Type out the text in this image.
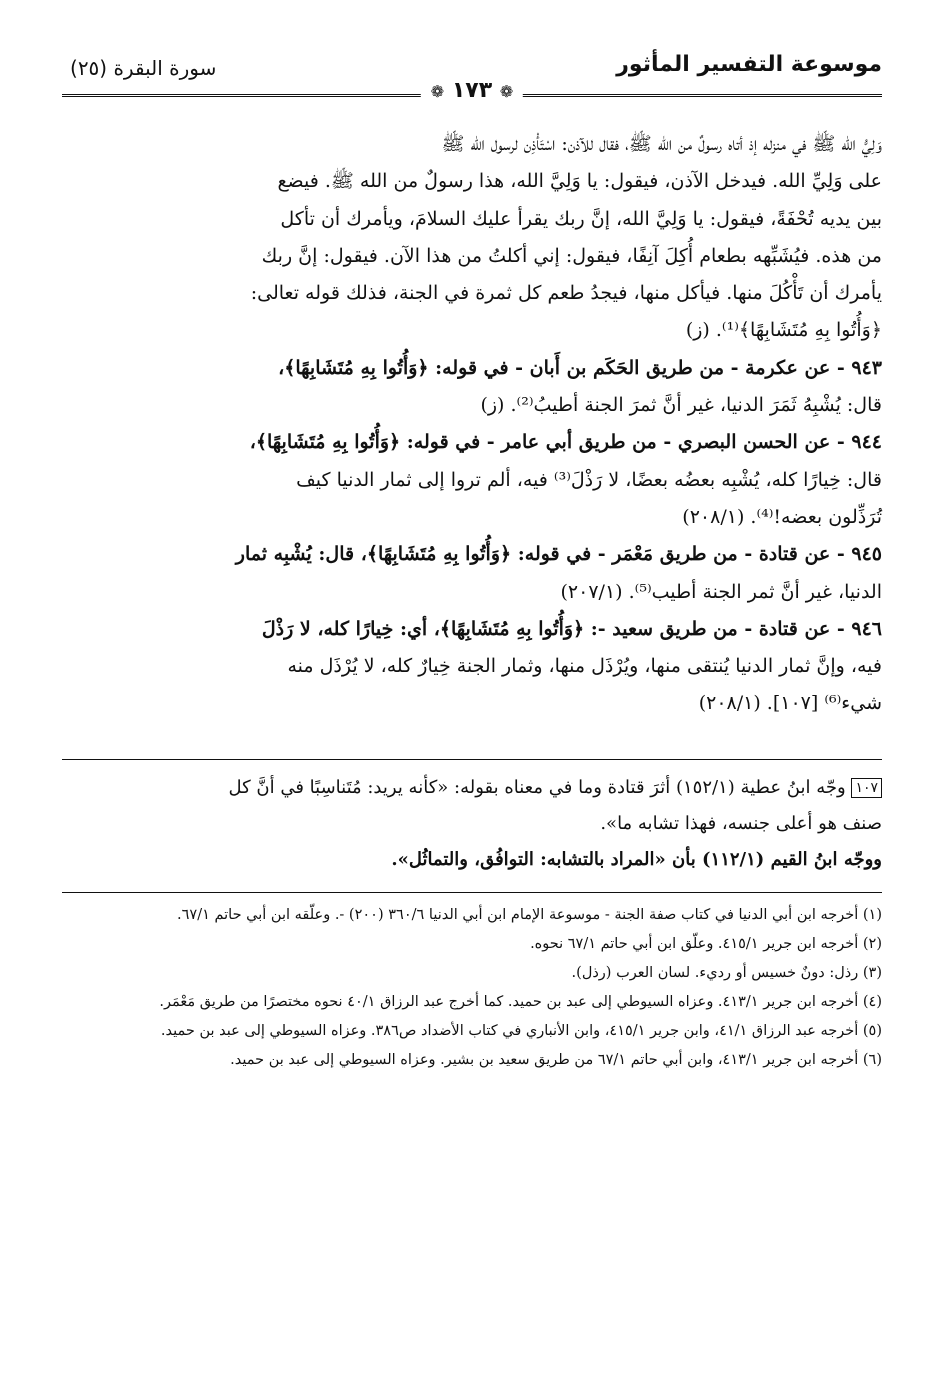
سورة البقرة (٢٥)	موسوعة التفسير المأثور
❁ ١٧٣ ❁

وَلِيُّ الله ﷺ في منزله إذ أتاه رسولٌ من الله ﷺ، فقال للآذن: اسْتَأْذِن لرسول الله ﷺ

على وَلِيِّ الله. فيدخل الآذن، فيقول: يا وَلِيَّ الله، هذا رسولٌ من الله ﷺ. فيضع

بين يديه تُحْفَةً، فيقول: يا وَلِيَّ الله، إنَّ ربك يقرأ عليك السلامَ، ويأمرك أن تأكل

من هذه. فيُشَبِّهه بطعام أُكِلَ آنِفًا، فيقول: إني أكلتُ من هذا الآن. فيقول: إنَّ ربك

يأمرك أن تَأْكُلَ منها. فيأكل منها، فيجدُ طعم كل ثمرة في الجنة، فذلك قوله تعالى:

﴿وَأُتُوا بِهِ مُتَشَابِهًا﴾⁽¹⁾. (ز)

٩٤٣ - عن عكرمة - من طريق الحَكَم بن أَبان - في قوله: ﴿وَأُتُوا بِهِ مُتَشَابِهًا﴾،

قال: يُشْبِهُ ثَمَرَ الدنيا، غير أنَّ ثمرَ الجنة أطيبُ⁽²⁾. (ز)

٩٤٤ - عن الحسن البصري - من طريق أبي عامر - في قوله: ﴿وَأُتُوا بِهِ مُتَشَابِهًا﴾،

قال: خِيارًا كله، يُشْبِه بعضُه بعضًا، لا رَذْلَ⁽³⁾ فيه، ألم تروا إلى ثمار الدنيا كيف

تُرَذِّلون بعضه!⁽⁴⁾. (٢٠٨/١)

٩٤٥ - عن قتادة - من طريق مَعْمَر - في قوله: ﴿وَأُتُوا بِهِ مُتَشَابِهًا﴾، قال: يُشْبِه ثمار

الدنيا، غير أنَّ ثمر الجنة أطيب⁽⁵⁾. (٢٠٧/١)

٩٤٦ - عن قتادة - من طريق سعيد -: ﴿وَأُتُوا بِهِ مُتَشَابِهًا﴾، أي: خِيارًا كله، لا رَذْلَ

فيه، وإنَّ ثمار الدنيا يُنتقى منها، ويُرْذَل منها، وثمار الجنة خِيارٌ كله، لا يُرْذَل منه

شيء⁽⁶⁾ [١٠٧]. (٢٠٨/١)

١٠٧ وجّه ابنُ عطية (١٥٢/١) أثرَ قتادة وما في معناه بقوله: «كأنه يريد: مُتَناسِبًا في أنَّ كل

صنف هو أعلى جنسه، فهذا تشابه ما».

ووجّه ابنُ القيم (١١٢/١) بأن «المراد بالتشابه: التوافُق، والتماثُل».

(١) أخرجه ابن أبي الدنيا في كتاب صفة الجنة - موسوعة الإمام ابن أبي الدنيا ٣٦٠/٦ (٢٠٠) -. وعلّقه ابن أبي حاتم ٦٧/١.

(٢) أخرجه ابن جرير ٤١٥/١. وعلّق ابن أبي حاتم ٦٧/١ نحوه.

(٣) رذل: دونٌ خسيس أو رديء. لسان العرب (رذل).

(٤) أخرجه ابن جرير ٤١٣/١. وعزاه السيوطي إلى عبد بن حميد. كما أخرج عبد الرزاق ٤٠/١ نحوه مختصرًا من طريق مَعْمَر.

(٥) أخرجه عبد الرزاق ٤١/١، وابن جرير ٤١٥/١، وابن الأنباري في كتاب الأضداد ص٣٨٦. وعزاه السيوطي إلى عبد بن حميد.

(٦) أخرجه ابن جرير ٤١٣/١، وابن أبي حاتم ٦٧/١ من طريق سعيد بن بشير. وعزاه السيوطي إلى عبد بن حميد.
